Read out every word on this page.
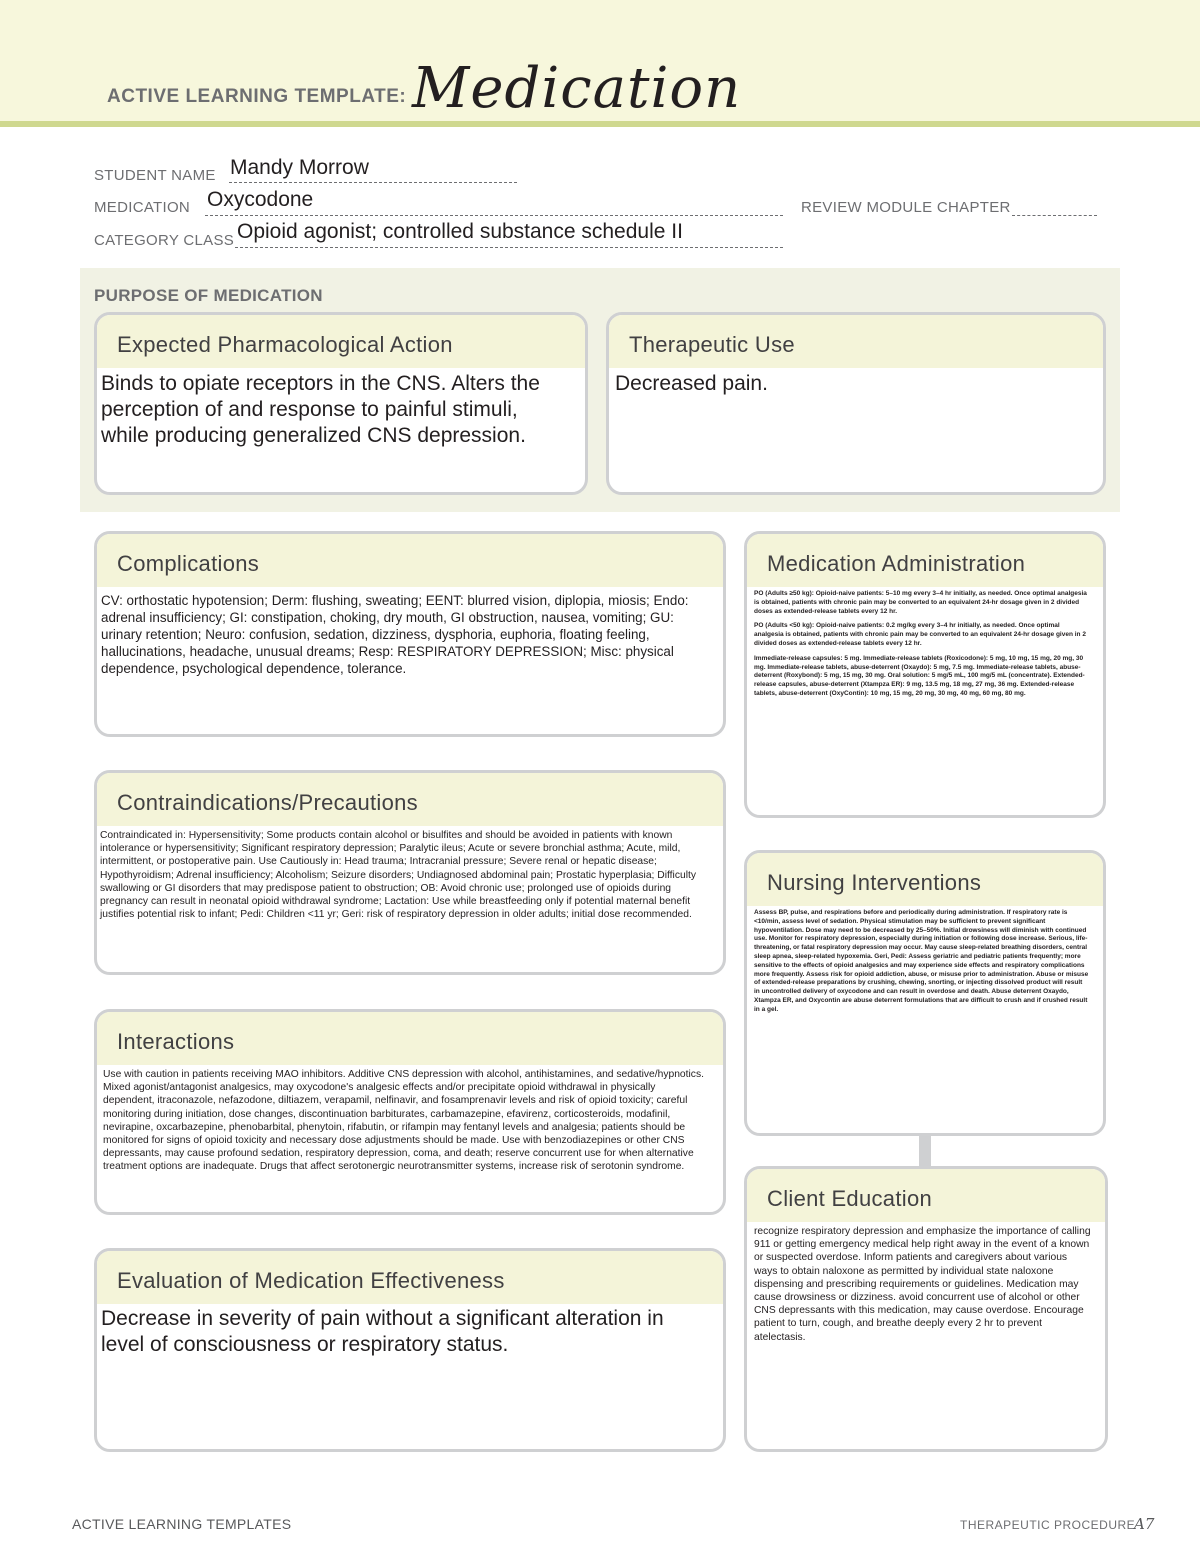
ACTIVE LEARNING TEMPLATE: Medication
STUDENT NAME Mandy Morrow
MEDICATION Oxycodone	REVIEW MODULE CHAPTER
CATEGORY CLASS Opioid agonist; controlled substance schedule II
PURPOSE OF MEDICATION
Expected Pharmacological Action
Binds to opiate receptors in the CNS. Alters the perception of and response to painful stimuli, while producing generalized CNS depression.
Therapeutic Use
Decreased pain.
Complications
CV: orthostatic hypotension; Derm: flushing, sweating; EENT: blurred vision, diplopia, miosis; Endo: adrenal insufficiency; GI: constipation, choking, dry mouth, GI obstruction, nausea, vomiting; GU: urinary retention; Neuro: confusion, sedation, dizziness, dysphoria, euphoria, floating feeling, hallucinations, headache, unusual dreams; Resp: RESPIRATORY DEPRESSION; Misc: physical dependence, psychological dependence, tolerance.
Medication Administration

PO (Adults ≥50 kg): Opioid-naive patients: 5–10 mg every 3–4 hr initially, as needed. Once optimal analgesia is obtained, patients with chronic pain may be converted to an equivalent 24-hr dosage given in 2 divided doses as extended-release tablets every 12 hr.

PO (Adults <50 kg): Opioid-naive patients: 0.2 mg/kg every 3–4 hr initially, as needed. Once optimal analgesia is obtained, patients with chronic pain may be converted to an equivalent 24-hr dosage given in 2 divided doses as extended-release tablets every 12 hr.

Immediate-release capsules: 5 mg. Immediate-release tablets (Roxicodone): 5 mg, 10 mg, 15 mg, 20 mg, 30 mg. Immediate-release tablets, abuse-deterrent (Oxaydo): 5 mg, 7.5 mg. Immediate-release tablets, abuse-deterrent (Roxybond): 5 mg, 15 mg, 30 mg. Oral solution: 5 mg/5 mL, 100 mg/5 mL (concentrate). Extended-release capsules, abuse-deterrent (Xtampza ER): 9 mg, 13.5 mg, 18 mg, 27 mg, 36 mg. Extended-release tablets, abuse-deterrent (OxyContin): 10 mg, 15 mg, 20 mg, 30 mg, 40 mg, 60 mg, 80 mg.

Contraindications/Precautions
Contraindicated in: Hypersensitivity; Some products contain alcohol or bisulfites and should be avoided in patients with known intolerance or hypersensitivity; Significant respiratory depression; Paralytic ileus; Acute or severe bronchial asthma; Acute, mild, intermittent, or postoperative pain. Use Cautiously in: Head trauma; Intracranial pressure; Severe renal or hepatic disease; Hypothyroidism; Adrenal insufficiency; Alcoholism; Seizure disorders; Undiagnosed abdominal pain; Prostatic hyperplasia; Difficulty swallowing or GI disorders that may predispose patient to obstruction; OB: Avoid chronic use; prolonged use of opioids during pregnancy can result in neonatal opioid withdrawal syndrome; Lactation: Use while breastfeeding only if potential maternal benefit justifies potential risk to infant; Pedi: Children <11 yr; Geri: risk of respiratory depression in older adults; initial dose recommended.
Nursing Interventions
Assess BP, pulse, and respirations before and periodically during administration. If respiratory rate is <10/min, assess level of sedation. Physical stimulation may be sufficient to prevent significant hypoventilation. Dose may need to be decreased by 25–50%. Initial drowsiness will diminish with continued use. Monitor for respiratory depression, especially during initiation or following dose increase. Serious, life-threatening, or fatal respiratory depression may occur. May cause sleep-related breathing disorders, central sleep apnea, sleep-related hypoxemia. Geri, Pedi: Assess geriatric and pediatric patients frequently; more sensitive to the effects of opioid analgesics and may experience side effects and respiratory complications more frequently. Assess risk for opioid addiction, abuse, or misuse prior to administration. Abuse or misuse of extended-release preparations by crushing, chewing, snorting, or injecting dissolved product will result in uncontrolled delivery of oxycodone and can result in overdose and death. Abuse deterrent Oxaydo, Xtampza ER, and Oxycontin are abuse deterrent formulations that are difficult to crush and if crushed result in a gel.
Interactions
Use with caution in patients receiving MAO inhibitors. Additive CNS depression with alcohol, antihistamines, and sedative/hypnotics. Mixed agonist/antagonist analgesics, may oxycodone's analgesic effects and/or precipitate opioid withdrawal in physically dependent, itraconazole, nefazodone, diltiazem, verapamil, nelfinavir, and fosamprenavir levels and risk of opioid toxicity; careful monitoring during initiation, dose changes, discontinuation barbiturates, carbamazepine, efavirenz, corticosteroids, modafinil, nevirapine, oxcarbazepine, phenobarbital, phenytoin, rifabutin, or rifampin may fentanyl levels and analgesia; patients should be monitored for signs of opioid toxicity and necessary dose adjustments should be made. Use with benzodiazepines or other CNS depressants, may cause profound sedation, respiratory depression, coma, and death; reserve concurrent use for when alternative treatment options are inadequate. Drugs that affect serotonergic neurotransmitter systems, increase risk of serotonin syndrome.
Client Education
recognize respiratory depression and emphasize the importance of calling 911 or getting emergency medical help right away in the event of a known or suspected overdose. Inform patients and caregivers about various ways to obtain naloxone as permitted by individual state naloxone dispensing and prescribing requirements or guidelines. Medication may cause drowsiness or dizziness. avoid concurrent use of alcohol or other CNS depressants with this medication, may cause overdose. Encourage patient to turn, cough, and breathe deeply every 2 hr to prevent atelectasis.
Evaluation of Medication Effectiveness
Decrease in severity of pain without a significant alteration in level of consciousness or respiratory status.
ACTIVE LEARNING TEMPLATES	THERAPEUTIC PROCEDURE
A7
